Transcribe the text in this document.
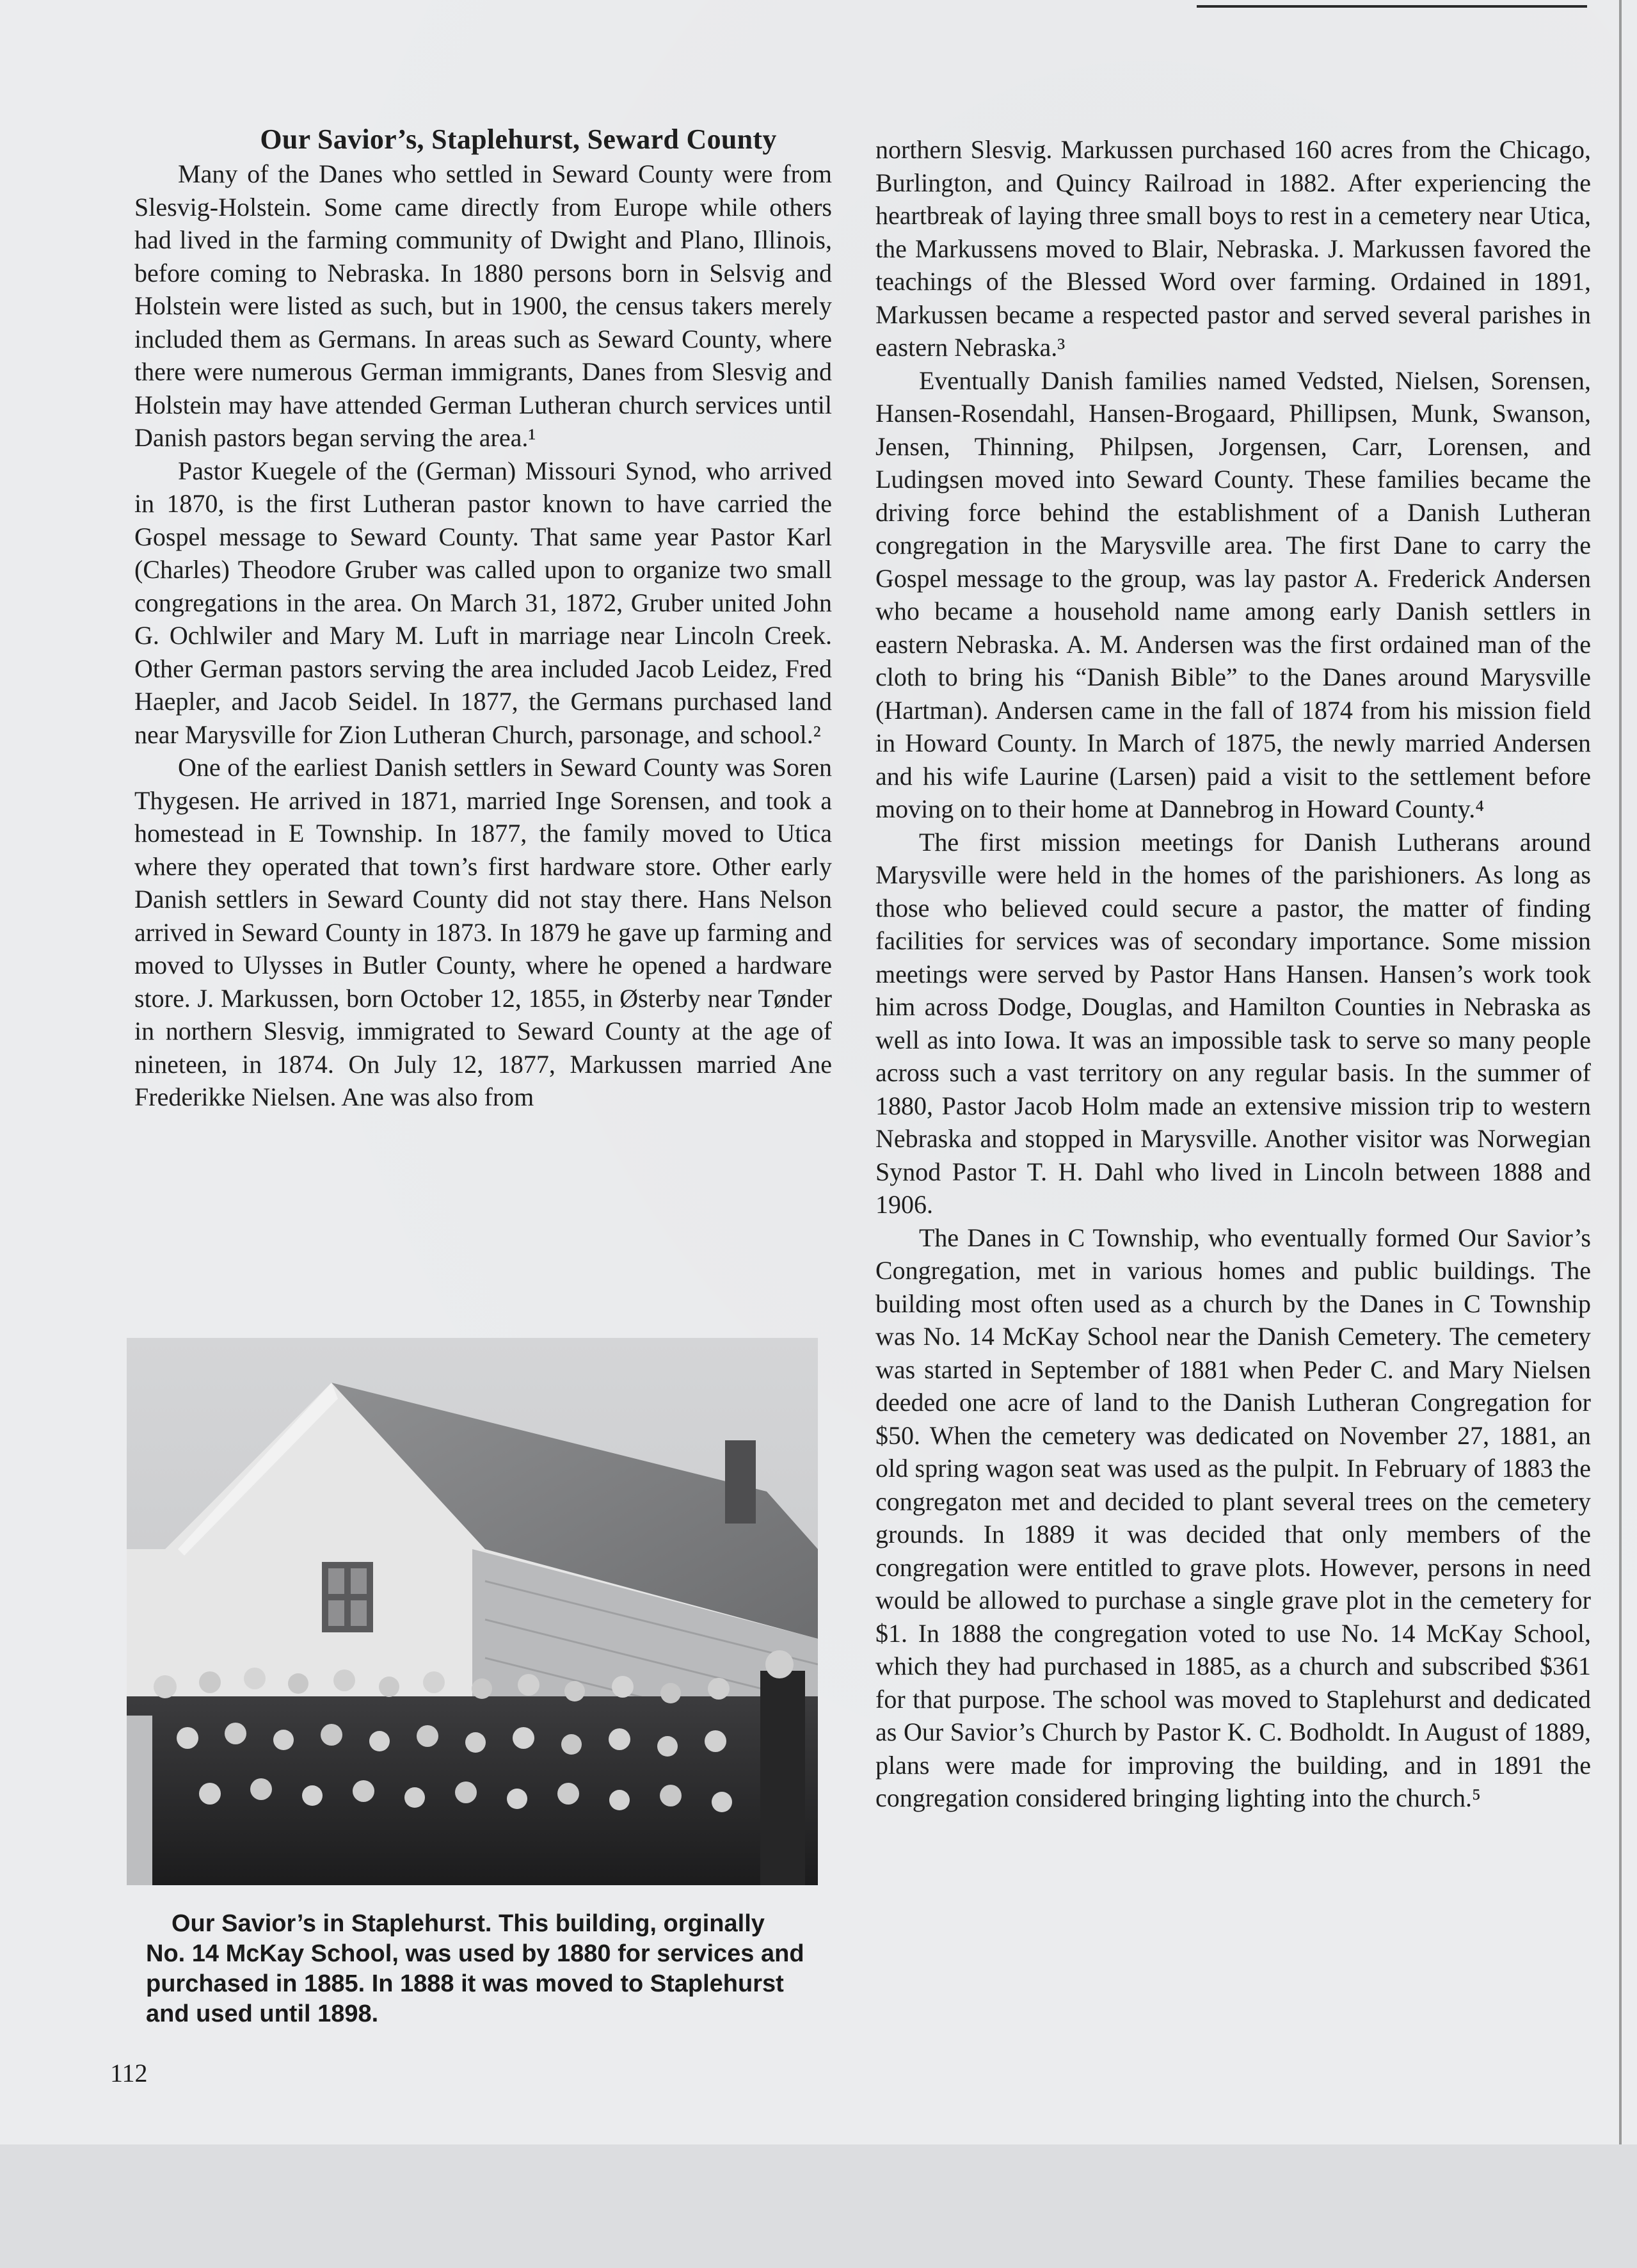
Our Savior’s, Staplehurst, Seward County

Many of the Danes who settled in Seward County were from Slesvig-Holstein. Some came directly from Europe while others had lived in the farming community of Dwight and Plano, Illinois, before coming to Nebraska. In 1880 persons born in Selsvig and Holstein were listed as such, but in 1900, the census takers merely included them as Germans. In areas such as Seward County, where there were numerous German immigrants, Danes from Slesvig and Holstein may have attended German Lutheran church services until Danish pastors began serving the area.¹

Pastor Kuegele of the (German) Missouri Synod, who arrived in 1870, is the first Lutheran pastor known to have carried the Gospel message to Seward County. That same year Pastor Karl (Charles) Theodore Gruber was called upon to organize two small congregations in the area. On March 31, 1872, Gruber united John G. Ochlwiler and Mary M. Luft in marriage near Lincoln Creek. Other German pastors serving the area included Jacob Leidez, Fred Haepler, and Jacob Seidel. In 1877, the Germans purchased land near Marysville for Zion Lutheran Church, parsonage, and school.²

One of the earliest Danish settlers in Seward County was Soren Thygesen. He arrived in 1871, married Inge Sorensen, and took a homestead in E Township. In 1877, the family moved to Utica where they operated that town’s first hardware store. Other early Danish settlers in Seward County did not stay there. Hans Nelson arrived in Seward County in 1873. In 1879 he gave up farming and moved to Ulysses in Butler County, where he opened a hardware store. J. Markussen, born October 12, 1855, in Østerby near Tønder in northern Slesvig, immigrated to Seward County at the age of nineteen, in 1874. On July 12, 1877, Markussen married Ane Frederikke Nielsen. Ane was also from

Our Savior’s in Staplehurst. This building, orginally No. 14 McKay School, was used by 1880 for services and purchased in 1885. In 1888 it was moved to Staplehurst and used until 1898.

112

northern Slesvig. Markussen purchased 160 acres from the Chicago, Burlington, and Quincy Railroad in 1882. After experiencing the heartbreak of laying three small boys to rest in a cemetery near Utica, the Markussens moved to Blair, Nebraska. J. Markussen favored the teachings of the Blessed Word over farming. Ordained in 1891, Markussen became a respected pastor and served several parishes in eastern Nebraska.³

Eventually Danish families named Vedsted, Nielsen, Sorensen, Hansen-Rosendahl, Hansen-Brogaard, Phillipsen, Munk, Swanson, Jensen, Thinning, Philpsen, Jorgensen, Carr, Lorensen, and Ludingsen moved into Seward County. These families became the driving force behind the establishment of a Danish Lutheran congregation in the Marysville area. The first Dane to carry the Gospel message to the group, was lay pastor A. Frederick Andersen who became a household name among early Danish settlers in eastern Nebraska. A. M. Andersen was the first ordained man of the cloth to bring his “Danish Bible” to the Danes around Marysville (Hartman). Andersen came in the fall of 1874 from his mission field in Howard County. In March of 1875, the newly married Andersen and his wife Laurine (Larsen) paid a visit to the settlement before moving on to their home at Dannebrog in Howard County.⁴

The first mission meetings for Danish Lutherans around Marysville were held in the homes of the parishioners. As long as those who believed could secure a pastor, the matter of finding facilities for services was of secondary importance. Some mission meetings were served by Pastor Hans Hansen. Hansen’s work took him across Dodge, Douglas, and Hamilton Counties in Nebraska as well as into Iowa. It was an impossible task to serve so many people across such a vast territory on any regular basis. In the summer of 1880, Pastor Jacob Holm made an extensive mission trip to western Nebraska and stopped in Marysville. Another visitor was Norwegian Synod Pastor T. H. Dahl who lived in Lincoln between 1888 and 1906.

The Danes in C Township, who eventually formed Our Savior’s Congregation, met in various homes and public buildings. The building most often used as a church by the Danes in C Township was No. 14 McKay School near the Danish Cemetery. The cemetery was started in September of 1881 when Peder C. and Mary Nielsen deeded one acre of land to the Danish Lutheran Congregation for $50. When the cemetery was dedicated on November 27, 1881, an old spring wagon seat was used as the pulpit. In February of 1883 the congregaton met and decided to plant several trees on the cemetery grounds. In 1889 it was decided that only members of the congregation were entitled to grave plots. However, persons in need would be allowed to purchase a single grave plot in the cemetery for $1. In 1888 the congregation voted to use No. 14 McKay School, which they had purchased in 1885, as a church and subscribed $361 for that purpose. The school was moved to Staplehurst and dedicated as Our Savior’s Church by Pastor K. C. Bodholdt. In August of 1889, plans were made for improving the building, and in 1891 the congregation considered bringing lighting into the church.⁵
